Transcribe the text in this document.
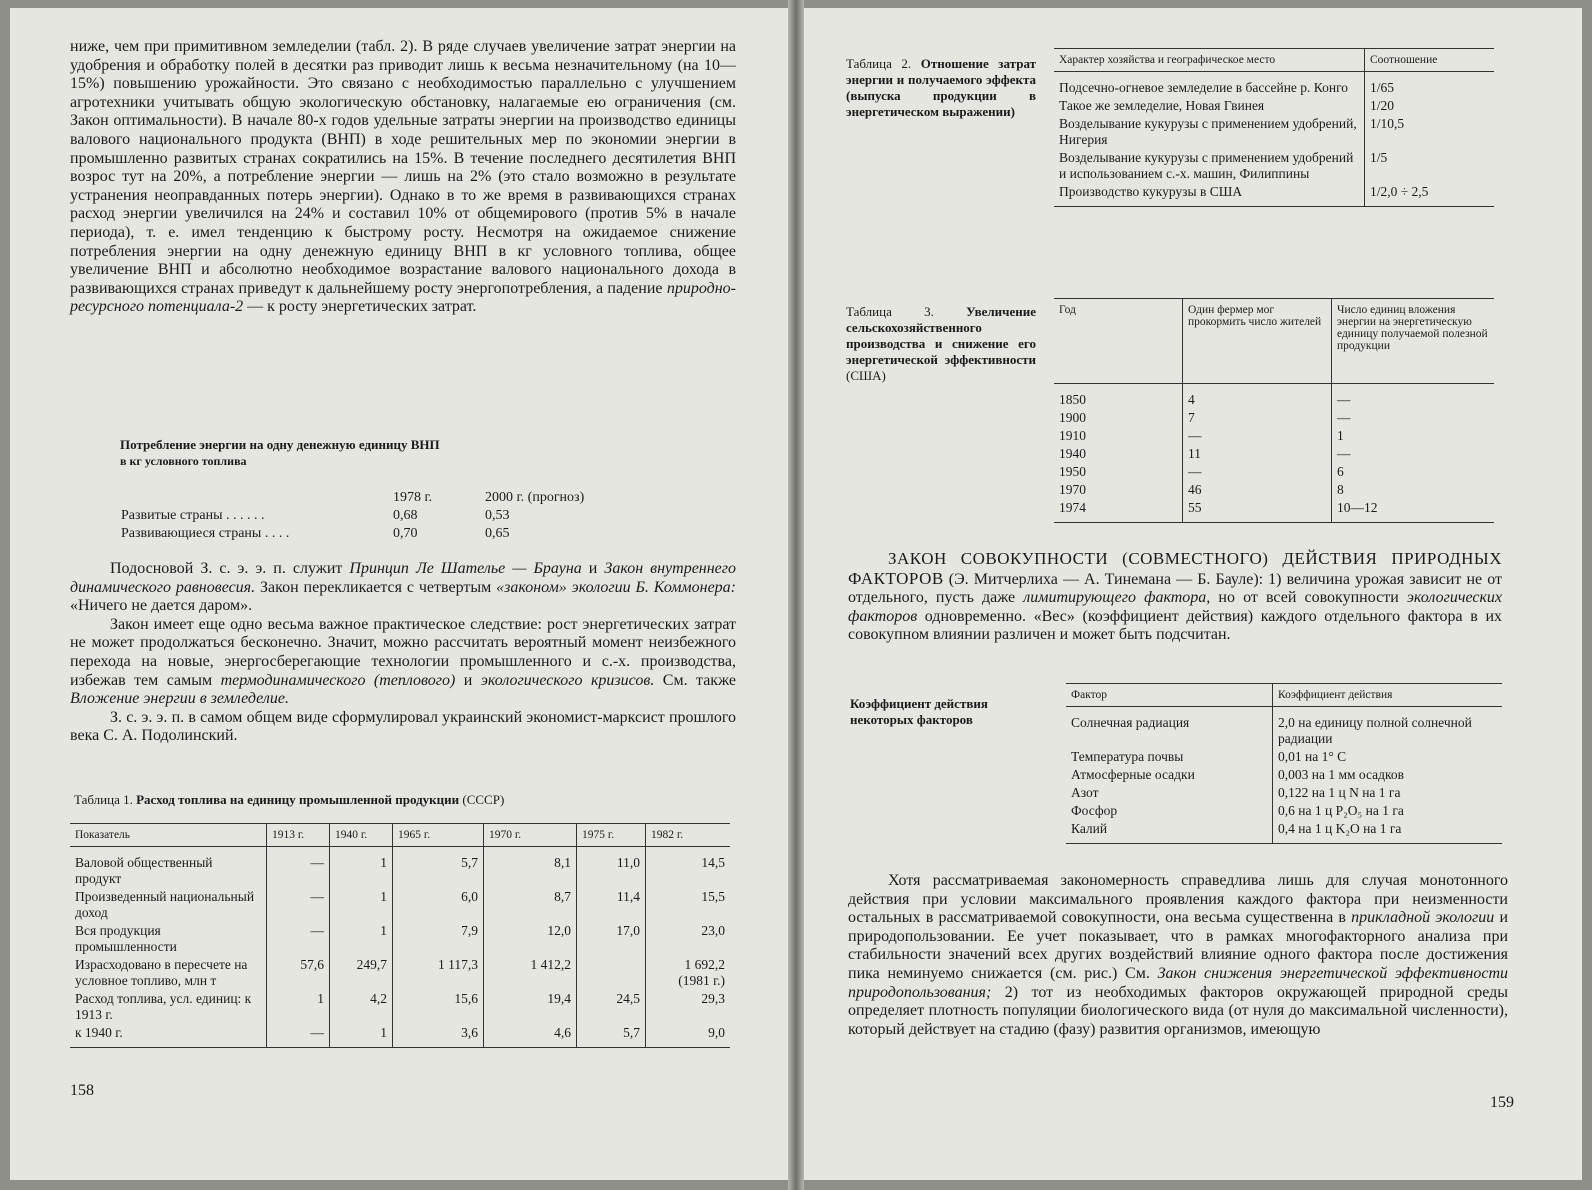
ниже, чем при примитивном земледелии (табл. 2). В ряде случаев увеличение затрат энергии на удобрения и обработку полей в десятки раз приводит лишь к весьма незначительному (на 10—15%) повышению урожайности. Это связано с необходимостью параллельно с улучшением агротехники учитывать общую экологическую обстановку, налагаемые ею ограничения (см. Закон оптимальности). В начале 80-х годов удельные затраты энергии на производство единицы валового национального продукта (ВНП) в ходе решительных мер по экономии энергии в промышленно развитых странах сократились на 15%. В течение последнего десятилетия ВНП возрос тут на 20%, а потребление энергии — лишь на 2% (это стало возможно в результате устранения неоправданных потерь энергии). Однако в то же время в развивающихся странах расход энергии увеличился на 24% и составил 10% от общемирового (против 5% в начале периода), т. е. имел тенденцию к быстрому росту. Несмотря на ожидаемое снижение потребления энергии на одну денежную единицу ВНП в кг условного топлива, общее увеличение ВНП и абсолютно необходимое возрастание валового национального дохода в развивающихся странах приведут к дальнейшему росту энергопотребления, а падение природно-ресурсного потенциала-2 — к росту энергетических затрат.

Потребление энергии на одну денежную единицу ВНП
в кг условного топлива
	1978 г.	2000 г. (прогноз)
Развитые страны . . . . . .	0,68	0,53
Развивающиеся страны . . . .	0,70	0,65

Подосновой З. с. э. э. п. служит Принцип Ле Шательe — Брауна и Закон внутреннего динамического равновесия. Закон перекликается с четвертым «законом» экологии Б. Коммонера: «Ничего не дается даром».

Закон имеет еще одно весьма важное практическое следствие: рост энергетических затрат не может продолжаться бесконечно. Значит, можно рассчитать вероятный момент неизбежного перехода на новые, энергосберегающие технологии промышленного и с.-х. производства, избежав тем самым термодинамического (теплового) и экологического кризисов. См. также Вложение энергии в земледелие.

З. с. э. э. п. в самом общем виде сформулировал украинский экономист-марксист прошлого века С. А. Подолинский.

Таблица 1. Расход топлива на единицу промышленной продукции (СССР)
Показатель	1913 г.	1940 г.	1965 г.	1970 г.	1975 г.	1982 г.
Валовой общественный продукт	—	1	5,7	8,1	11,0	14,5
Произведенный национальный доход	—	1	6,0	8,7	11,4	15,5
Вся продукция промышленности	—	1	7,9	12,0	17,0	23,0
Израсходовано в пересчете на условное топливо, млн т	57,6	249,7	1 117,3	1 412,2		1 692,2 (1981 г.)
Расход топлива, усл. единиц: к 1913 г.	1	4,2	15,6	19,4	24,5	29,3
к 1940 г.	—	1	3,6	4,6	5,7	9,0
158
Таблица 2. Отношение затрат энергии и получаемого эффекта (выпуска продукции в энергетическом выражении)
Характер хозяйства и географическое место	Соотношение
Подсечно-огневое земледелие в бассейне р. Конго	1/65
Такое же земледелие, Новая Гвинея	1/20
Возделывание кукурузы с применением удобрений, Нигерия	1/10,5
Возделывание кукурузы с применением удобрений и использованием с.-х. машин, Филиппины	1/5
Производство кукурузы в США	1/2,0 ÷ 2,5
Таблица 3. Увеличение сельскохозяйственного производства и снижение его энергетической эффективности (США)
Год	Один фермер мог прокормить число жителей	Число единиц вложения энергии на энергетическую единицу получаемой полезной продукции
1850	4	—
1900	7	—
1910	—	1
1940	11	—
1950	—	6
1970	46	8
1974	55	10—12

ЗАКОН СОВОКУПНОСТИ (СОВМЕСТНОГО) ДЕЙСТВИЯ ПРИРОДНЫХ ФАКТОРОВ (Э. Митчерлиха — А. Тинемана — Б. Бауле): 1) величина урожая зависит не от отдельного, пусть даже лимитирующего фактора, но от всей совокупности экологических факторов одновременно. «Вес» (коэффициент действия) каждого отдельного фактора в их совокупном влиянии различен и может быть подсчитан.

Коэффициент действия некоторых факторов
Фактор	Коэффициент действия
Солнечная радиация	2,0 на единицу полной солнечной радиации
Температура почвы	0,01 на 1° C
Атмосферные осадки	0,003 на 1 мм осадков
Азот	0,122 на 1 ц N на 1 га
Фосфор	0,6 на 1 ц P₂O₅ на 1 га
Калий	0,4 на 1 ц K₂O на 1 га

Хотя рассматриваемая закономерность справедлива лишь для случая монотонного действия при условии максимального проявления каждого фактора при неизменности остальных в рассматриваемой совокупности, она весьма существенна в прикладной экологии и природопользовании. Ее учет показывает, что в рамках многофакторного анализа при стабильности значений всех других воздействий влияние одного фактора после достижения пика неминуемо снижается (см. рис.) См. Закон снижения энергетической эффективности природопользования; 2) тот из необходимых факторов окружающей природной среды определяет плотность популяции биологического вида (от нуля до максимальной численности), который действует на стадию (фазу) развития организмов, имеющую

159
